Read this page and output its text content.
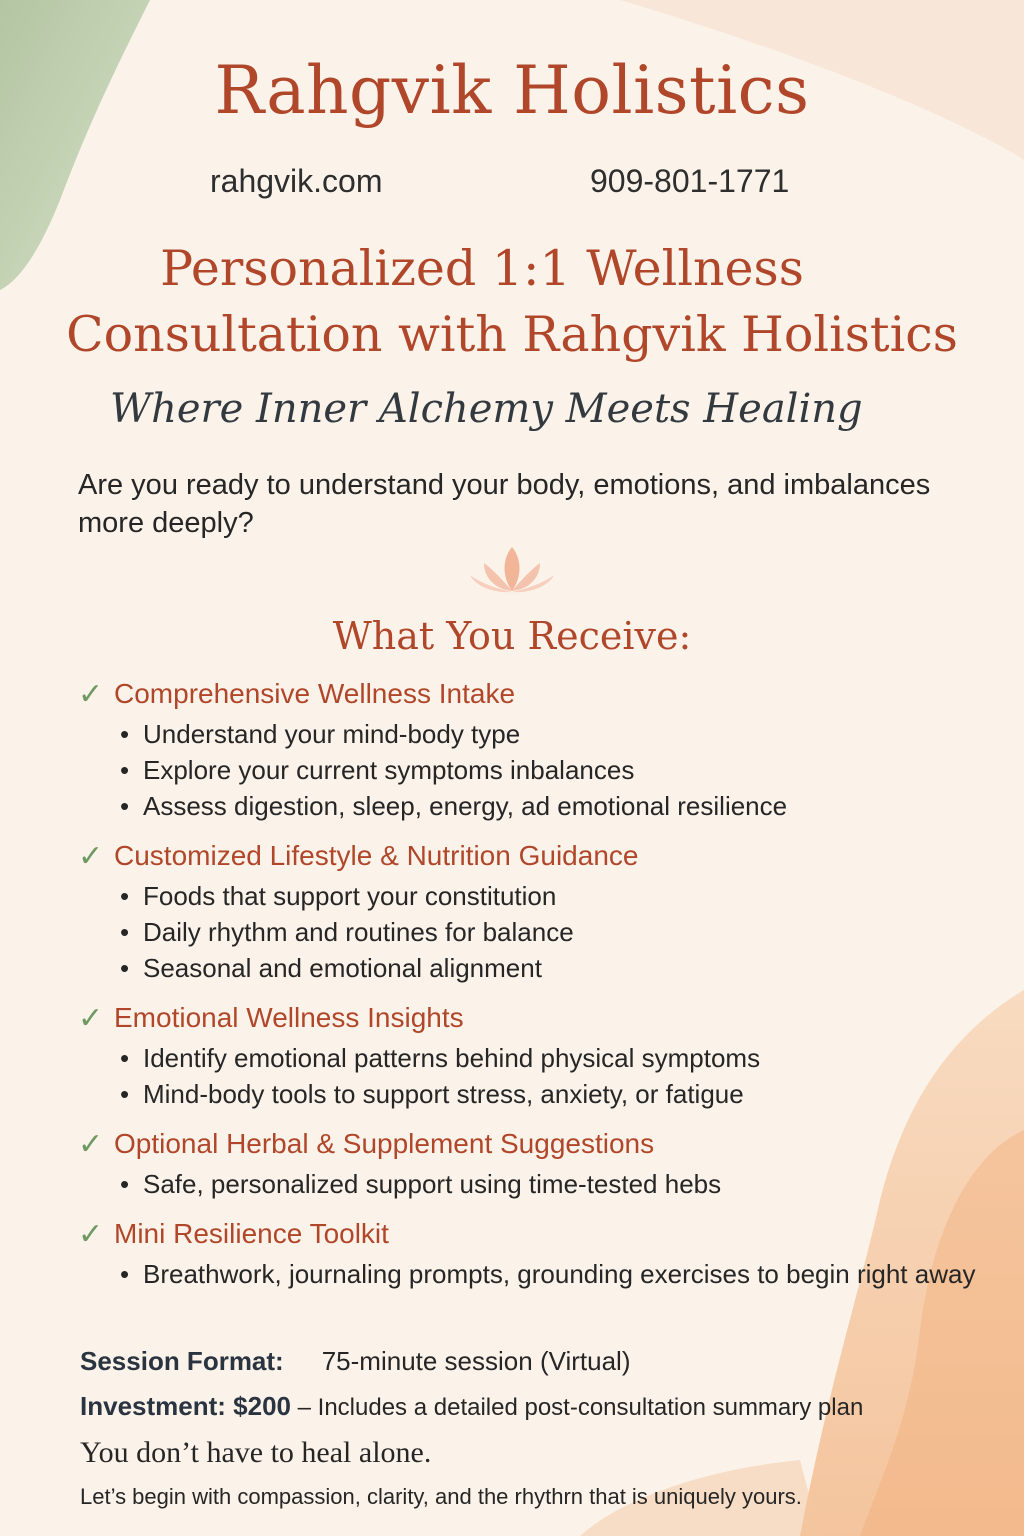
Rahgvik Holistics
rahgvik.com	909-801-1771
Personalized 1:1 Wellness
Consultation with Rahgvik Holistics
Where Inner Alchemy Meets Healing
Are you ready to understand your body, emotions, and imbalances more deeply?
What You Receive:
✓ Comprehensive Wellness Intake
• Understand your mind-body type
• Explore your current symptoms inbalances
• Assess digestion, sleep, energy, ad emotional resilience
✓ Customized Lifestyle & Nutrition Guidance
• Foods that support your constitution
• Daily rhythm and routines for balance
• Seasonal and emotional alignment
✓ Emotional Wellness Insights
• Identify emotional patterns behind physical symptoms
• Mind-body tools to support stress, anxiety, or fatigue
✓ Optional Herbal & Supplement Suggestions
• Safe, personalized support using time-tested hebs
✓ Mini Resilience Toolkit
• Breathwork, journaling prompts, grounding exercises to begin right away
Session Format: 75-minute session (Virtual)
Investment: $200 – Includes a detailed post-consultation summary plan
You don’t have to heal alone.
Let’s begin with compassion, clarity, and the rhythrn that is uniquely yours.
